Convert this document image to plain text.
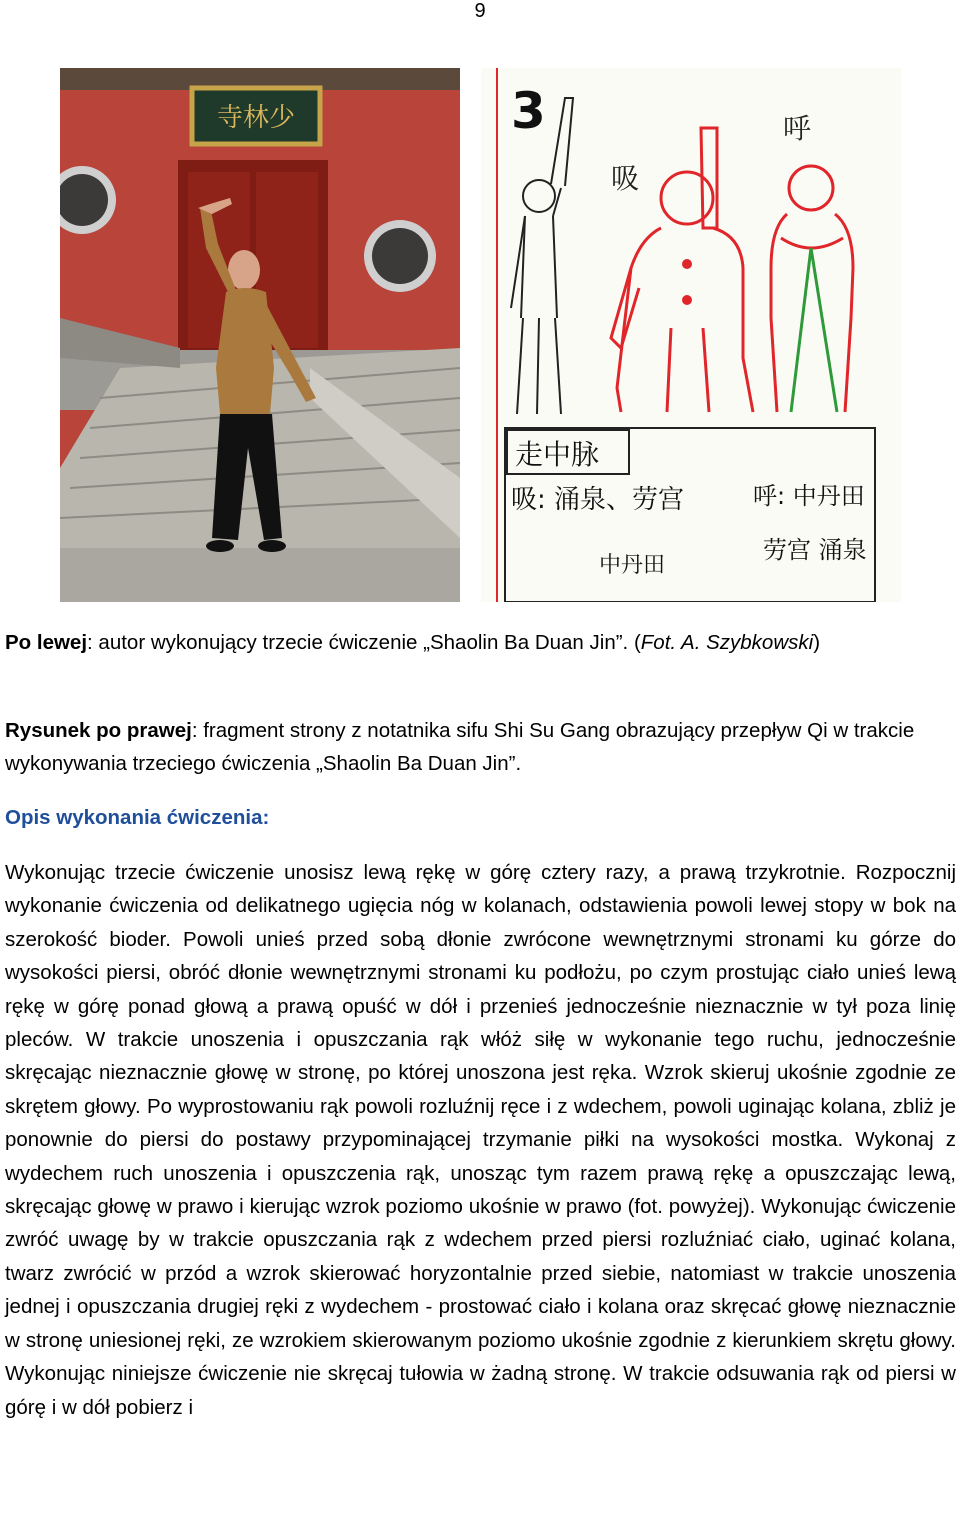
9
寺林少	3
吸
呼
走中脉
吸: 涌泉、劳宫
中丹田
呼: 中丹田
劳宫 涌泉
Po lewej: autor wykonujący trzecie ćwiczenie „Shaolin Ba Duan Jin”. (Fot. A. Szybkowski)
Rysunek po prawej: fragment strony z notatnika sifu Shi Su Gang obrazujący przepływ Qi w trakcie wykonywania trzeciego ćwiczenia „Shaolin Ba Duan Jin”.
Opis wykonania ćwiczenia:
Wykonując trzecie ćwiczenie unosisz lewą rękę w górę cztery razy, a prawą trzykrotnie. Rozpocznij wykonanie ćwiczenia od delikatnego ugięcia nóg w kolanach, odstawienia powoli lewej stopy w bok na szerokość bioder. Powoli unieś przed sobą dłonie zwrócone wewnętrznymi stronami ku górze do wysokości piersi, obróć dłonie wewnętrznymi stronami ku podłożu, po czym prostując ciało unieś lewą rękę w górę ponad głową a prawą opuść w dół i przenieś jednocześnie nieznacznie w tył poza linię pleców. W trakcie unoszenia i opuszczania rąk włóż siłę w wykonanie tego ruchu, jednocześnie skręcając nieznacznie głowę w stronę, po której unoszona jest ręka. Wzrok skieruj ukośnie zgodnie ze skrętem głowy. Po wyprostowaniu rąk powoli rozluźnij ręce i z wdechem, powoli uginając kolana, zbliż je ponownie do piersi do postawy przypominającej trzymanie piłki na wysokości mostka. Wykonaj z wydechem ruch unoszenia i opuszczenia rąk, unosząc tym razem prawą rękę a opuszczając lewą, skręcając głowę w prawo i kierując wzrok poziomo ukośnie w prawo (fot. powyżej). Wykonując ćwiczenie zwróć uwagę by w trakcie opuszczania rąk z wdechem przed piersi rozluźniać ciało, uginać kolana, twarz zwrócić w przód a wzrok skierować horyzontalnie przed siebie, natomiast w trakcie unoszenia jednej i opuszczania drugiej ręki z wydechem - prostować ciało i kolana oraz skręcać głowę nieznacznie w stronę uniesionej ręki, ze wzrokiem skierowanym poziomo ukośnie zgodnie z kierunkiem skrętu głowy. Wykonując niniejsze ćwiczenie nie skręcaj tułowia w żadną stronę. W trakcie odsuwania rąk od piersi w górę i w dół pobierz i
